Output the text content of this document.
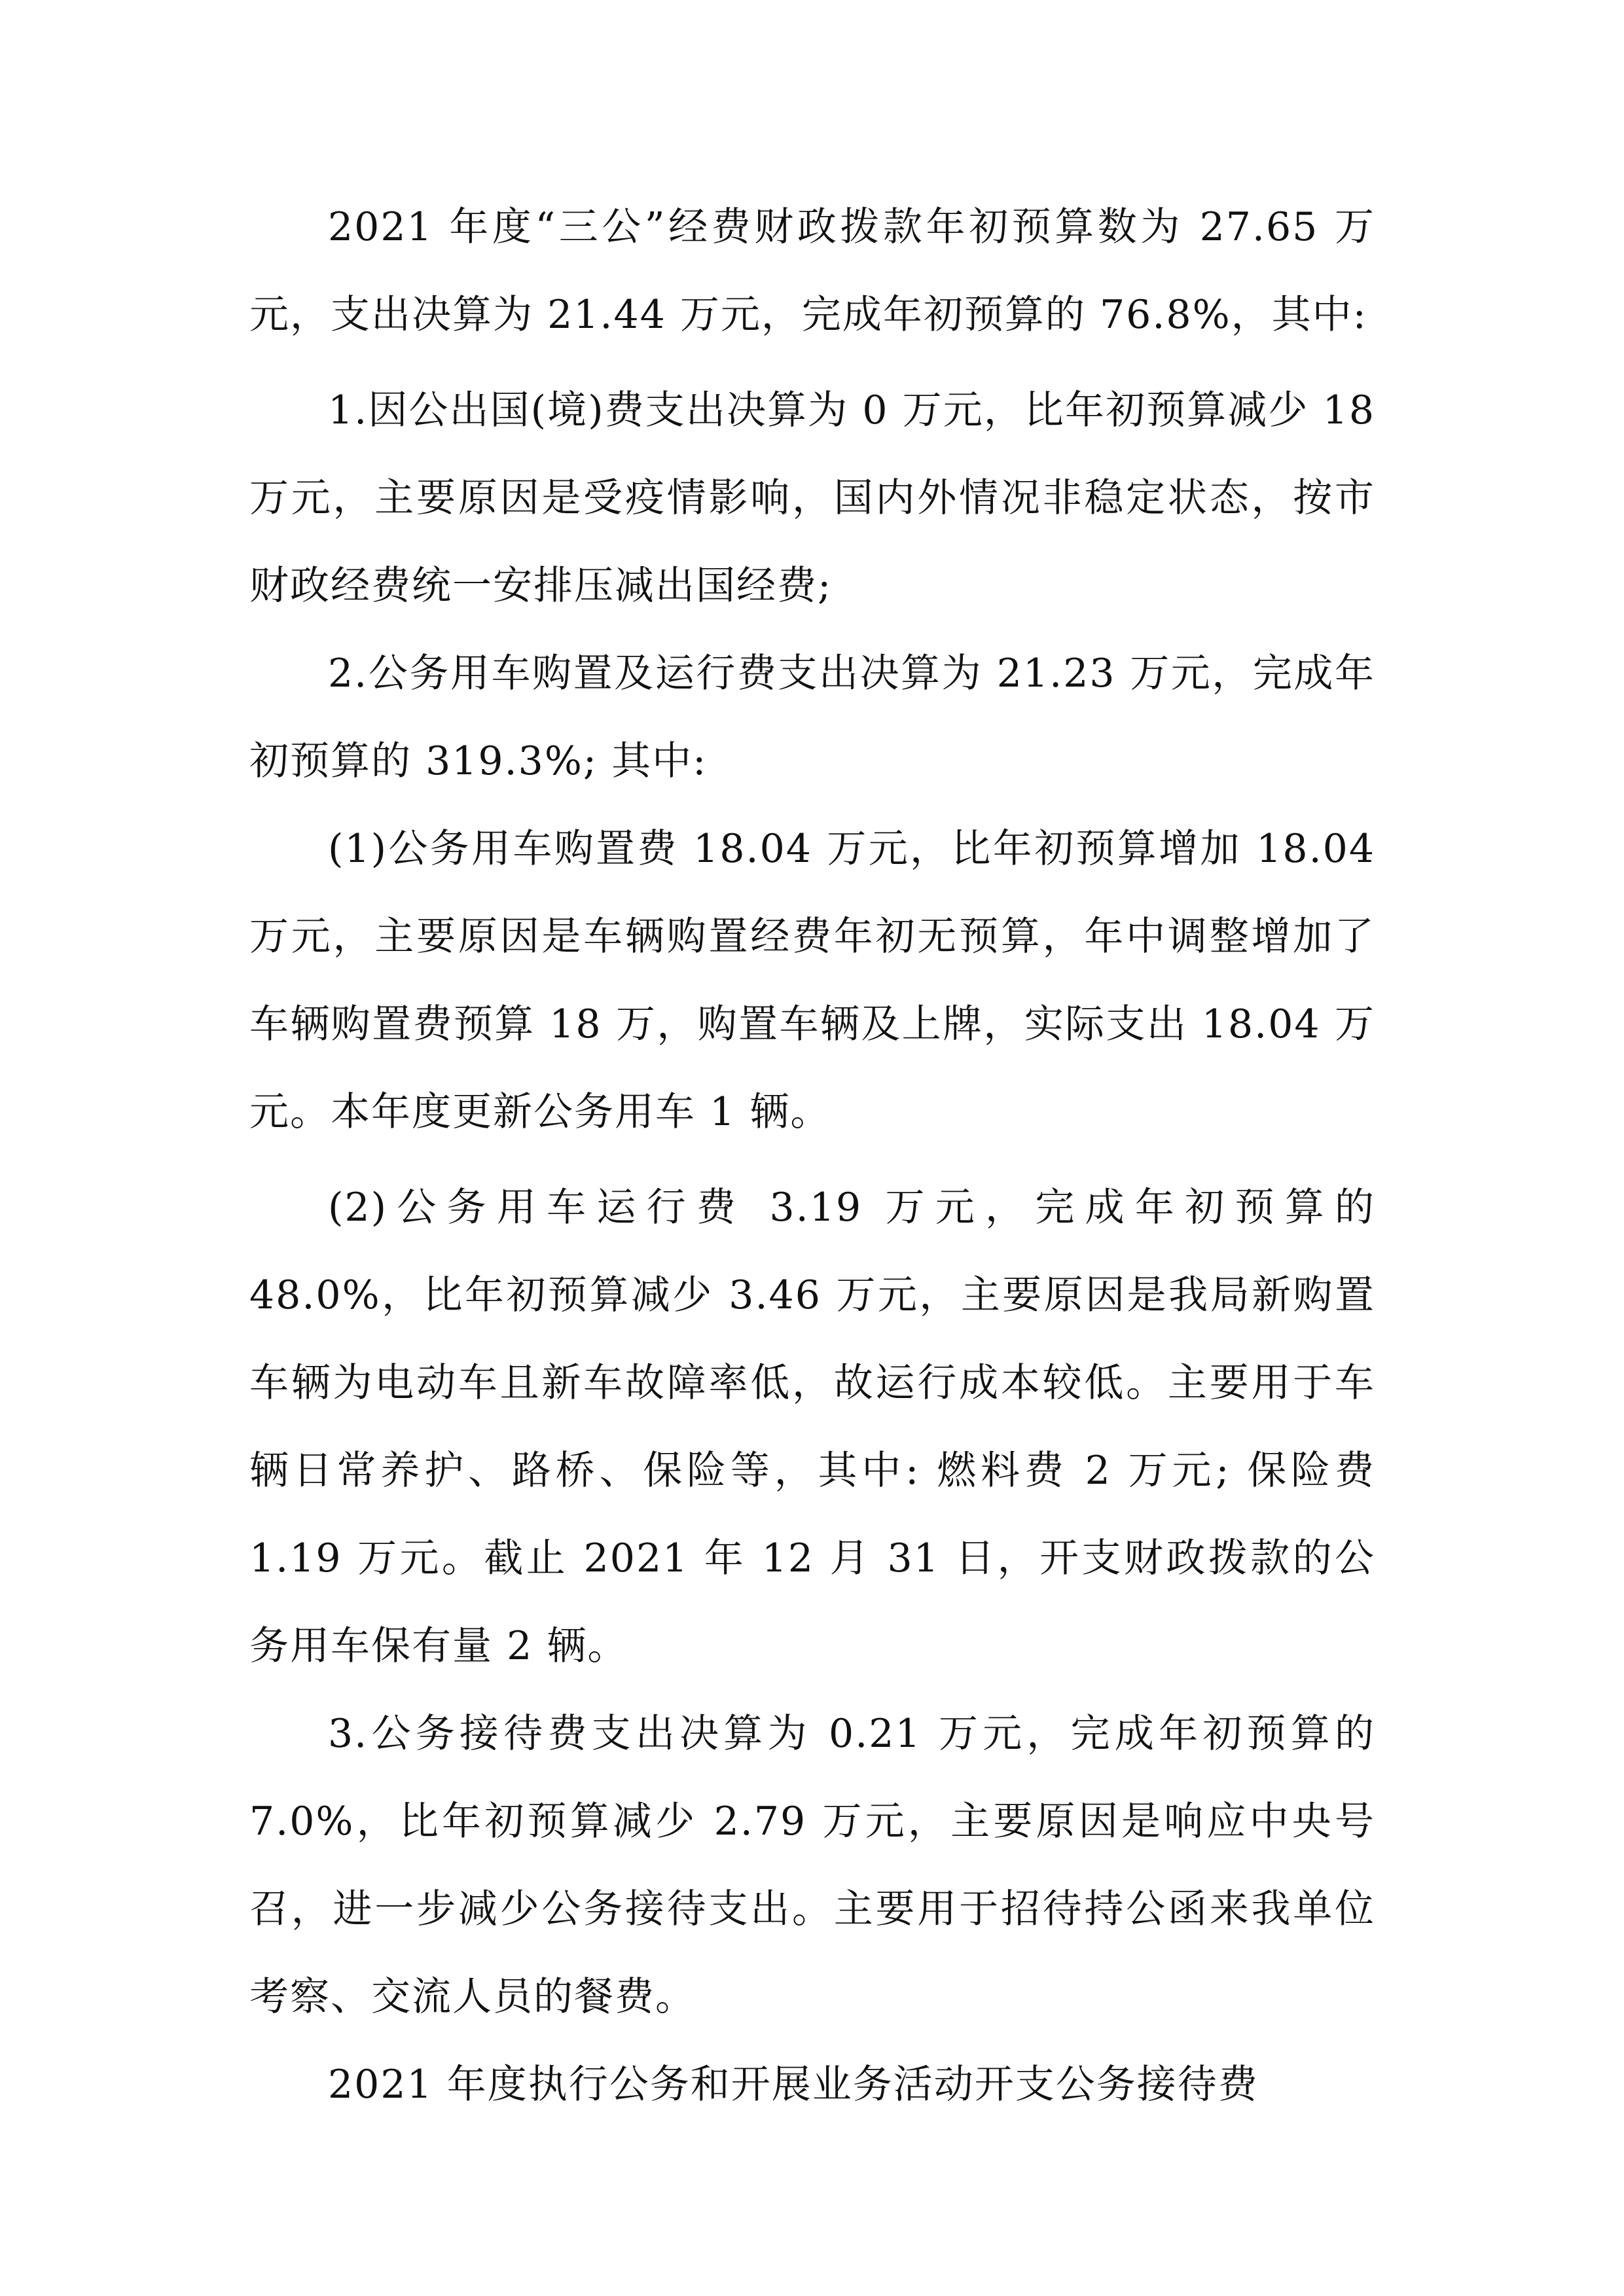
2021 年度“三公”经费财政拨款年初预算数为 27.65 万元，支出决算为 21.44 万元，完成年初预算的 76.8%，其中:

1.因公出国(境)费支出决算为 0 万元，比年初预算减少 18 万元，主要原因是受疫情影响，国内外情况非稳定状态，按市财政经费统一安排压减出国经费;

2.公务用车购置及运行费支出决算为 21.23 万元，完成年初预算的 319.3%; 其中:

(1)公务用车购置费 18.04 万元，比年初预算增加 18.04 万元，主要原因是车辆购置经费年初无预算，年中调整增加了车辆购置费预算 18 万，购置车辆及上牌，实际支出 18.04 万元。本年度更新公务用车 1 辆。

(2)公务用车运行费 3.19 万元，完成年初预算的 48.0%，比年初预算减少 3.46 万元，主要原因是我局新购置车辆为电动车且新车故障率低，故运行成本较低。主要用于车辆日常养护、路桥、保险等，其中: 燃料费 2 万元; 保险费 1.19 万元。截止 2021 年 12 月 31 日，开支财政拨款的公务用车保有量 2 辆。

3.公务接待费支出决算为 0.21 万元，完成年初预算的 7.0%，比年初预算减少 2.79 万元，主要原因是响应中央号召，进一步减少公务接待支出。主要用于招待持公函来我单位考察、交流人员的餐费。

2021 年度执行公务和开展业务活动开支公务接待费
